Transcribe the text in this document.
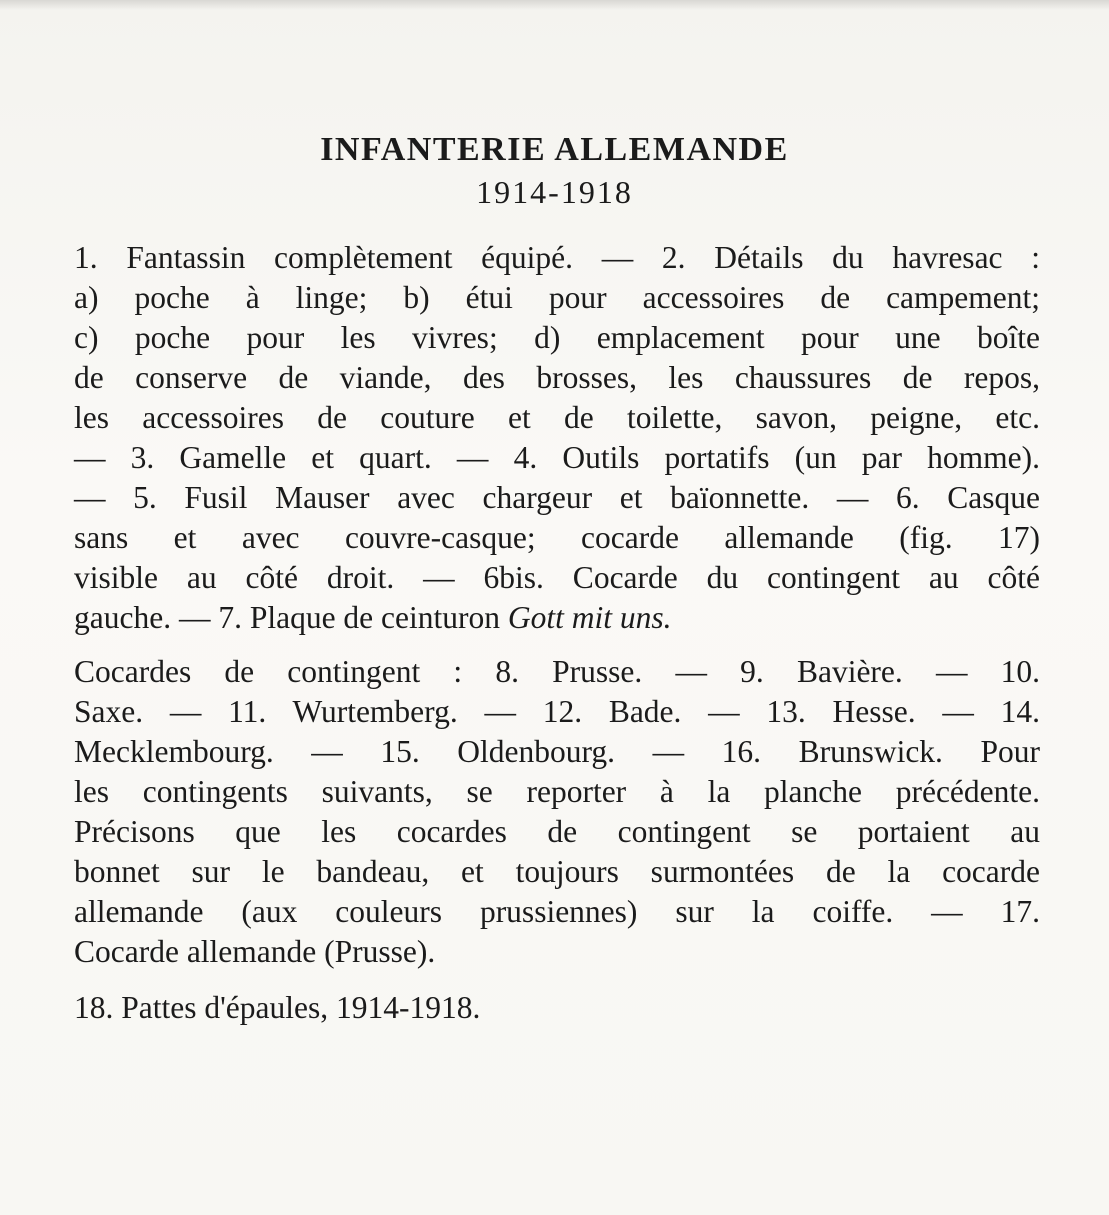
INFANTERIE ALLEMANDE
1914-1918
1. Fantassin complètement équipé. — 2. Détails du havresac :
a) poche à linge; b) étui pour accessoires de campement;
c) poche pour les vivres; d) emplacement pour une boîte
de conserve de viande, des brosses, les chaussures de repos,
les accessoires de couture et de toilette, savon, peigne, etc.
— 3. Gamelle et quart. — 4. Outils portatifs (un par homme).
— 5. Fusil Mauser avec chargeur et baïonnette. — 6. Casque
sans et avec couvre-casque; cocarde allemande (fig. 17)
visible au côté droit. — 6bis. Cocarde du contingent au côté
gauche. — 7. Plaque de ceinturon Gott mit uns.
Cocardes de contingent : 8. Prusse. — 9. Bavière. — 10.
Saxe. — 11. Wurtemberg. — 12. Bade. — 13. Hesse. — 14.
Mecklembourg. — 15. Oldenbourg. — 16. Brunswick. Pour
les contingents suivants, se reporter à la planche précédente.
Précisons que les cocardes de contingent se portaient au
bonnet sur le bandeau, et toujours surmontées de la cocarde
allemande (aux couleurs prussiennes) sur la coiffe. — 17.
Cocarde allemande (Prusse).
18. Pattes d'épaules, 1914-1918.
